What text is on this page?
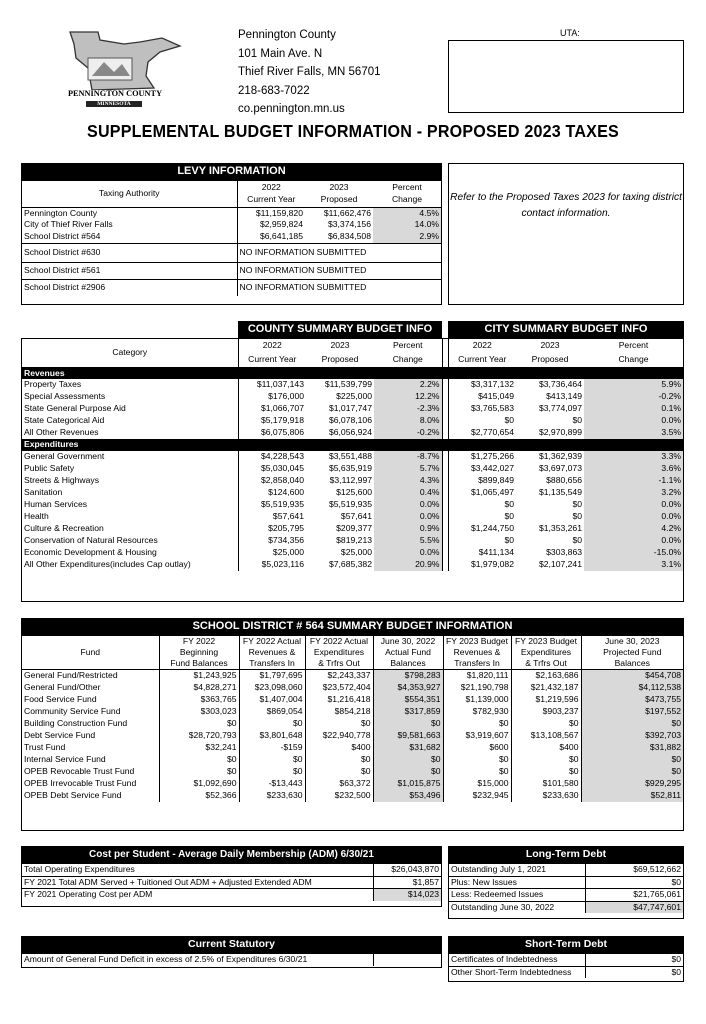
PENNINGTON COUNTY
MINNESOTA
Pennington County
101 Main Ave. N
Thief River Falls, MN 56701
218-683-7022
co.pennington.mn.us
UTA:
SUPPLEMENTAL BUDGET INFORMATION - PROPOSED 2023 TAXES
LEVY INFORMATION
Taxing Authority	2022	2023	Percent
	Current Year	Proposed	Change
Pennington County	$11,159,820	$11,662,476	4.5%
City of Thief River Falls	$2,959,824	$3,374,156	14.0%
School District #564	$6,641,185	$6,834,508	2.9%
School District #630	NO INFORMATION SUBMITTED		
School District #561	NO INFORMATION SUBMITTED		
School District #2906	NO INFORMATION SUBMITTED		
Refer to the Proposed Taxes 2023 for taxing district contact information.
COUNTY SUMMARY BUDGET INFO	CITY SUMMARY BUDGET INFO
Category	2022	2023	Percent		2022	2023	Percent
	Current Year	Proposed	Change		Current Year	Proposed	Change
Revenues							
Property Taxes	$11,037,143	$11,539,799	2.2%		$3,317,132	$3,736,464	5.9%
Special Assessments	$176,000	$225,000	12.2%		$415,049	$413,149	-0.2%
State General Purpose Aid	$1,066,707	$1,017,747	-2.3%		$3,765,583	$3,774,097	0.1%
State Categorical Aid	$5,179,918	$6,078,106	8.0%		$0	$0	0.0%
All Other Revenues	$6,075,806	$6,056,924	-0.2%		$2,770,654	$2,970,899	3.5%
Expenditures							
General Government	$4,228,543	$3,551,488	-8.7%		$1,275,266	$1,362,939	3.3%
Public Safety	$5,030,045	$5,635,919	5.7%		$3,442,027	$3,697,073	3.6%
Streets & Highways	$2,858,040	$3,112,997	4.3%		$899,849	$880,656	-1.1%
Sanitation	$124,600	$125,600	0.4%		$1,065,497	$1,135,549	3.2%
Human Services	$5,519,935	$5,519,935	0.0%		$0	$0	0.0%
Health	$57,641	$57,641	0.0%		$0	$0	0.0%
Culture & Recreation	$205,795	$209,377	0.9%		$1,244,750	$1,353,261	4.2%
Conservation of Natural Resources	$734,356	$819,213	5.5%		$0	$0	0.0%
Economic Development & Housing	$25,000	$25,000	0.0%		$411,134	$303,863	-15.0%
All Other Expenditures(includes Cap outlay)	$5,023,116	$7,685,382	20.9%		$1,979,082	$2,107,241	3.1%
SCHOOL DISTRICT # 564 SUMMARY BUDGET INFORMATION
Fund	FY 2022	FY 2022 Actual	FY 2022 Actual	June 30, 2022	FY 2023 Budget	FY 2023 Budget	June 30, 2023
	Beginning	Revenues &	Expenditures	Actual Fund	Revenues &	Expenditures	Projected Fund
	Fund Balances	Transfers In	& Trfrs Out	Balances	Transfers In	& Trfrs Out	Balances
General Fund/Restricted	$1,243,925	$1,797,695	$2,243,337	$798,283	$1,820,111	$2,163,686	$454,708
General Fund/Other	$4,828,271	$23,098,060	$23,572,404	$4,353,927	$21,190,798	$21,432,187	$4,112,538
Food Service Fund	$363,765	$1,407,004	$1,216,418	$554,351	$1,139,000	$1,219,596	$473,755
Community Service Fund	$303,023	$869,054	$854,218	$317,859	$782,930	$903,237	$197,552
Building Construction Fund	$0	$0	$0	$0	$0	$0	$0
Debt Service Fund	$28,720,793	$3,801,648	$22,940,778	$9,581,663	$3,919,607	$13,108,567	$392,703
Trust Fund	$32,241	-$159	$400	$31,682	$600	$400	$31,882
Internal Service Fund	$0	$0	$0	$0	$0	$0	$0
OPEB Revocable Trust Fund	$0	$0	$0	$0	$0	$0	$0
OPEB Irrevocable Trust Fund	$1,092,690	-$13,443	$63,372	$1,015,875	$15,000	$101,580	$929,295
OPEB Debt Service Fund	$52,366	$233,630	$232,500	$53,496	$232,945	$233,630	$52,811
Cost per Student - Average Daily Membership (ADM) 6/30/21
Total Operating Expenditures	$26,043,870
FY 2021 Total ADM Served + Tuitioned Out ADM + Adjusted Extended ADM	$1,857
FY 2021 Operating Cost per ADM	$14,023
Long-Term Debt
Outstanding July 1, 2021	$69,512,662
Plus: New Issues	$0
Less: Redeemed Issues	$21,765,061
Outstanding June 30, 2022	$47,747,601
Current Statutory
Amount of General Fund Deficit in excess of 2.5% of Expenditures 6/30/21	
Short-Term Debt
Certificates of Indebtedness	$0
Other Short-Term Indebtedness	$0
